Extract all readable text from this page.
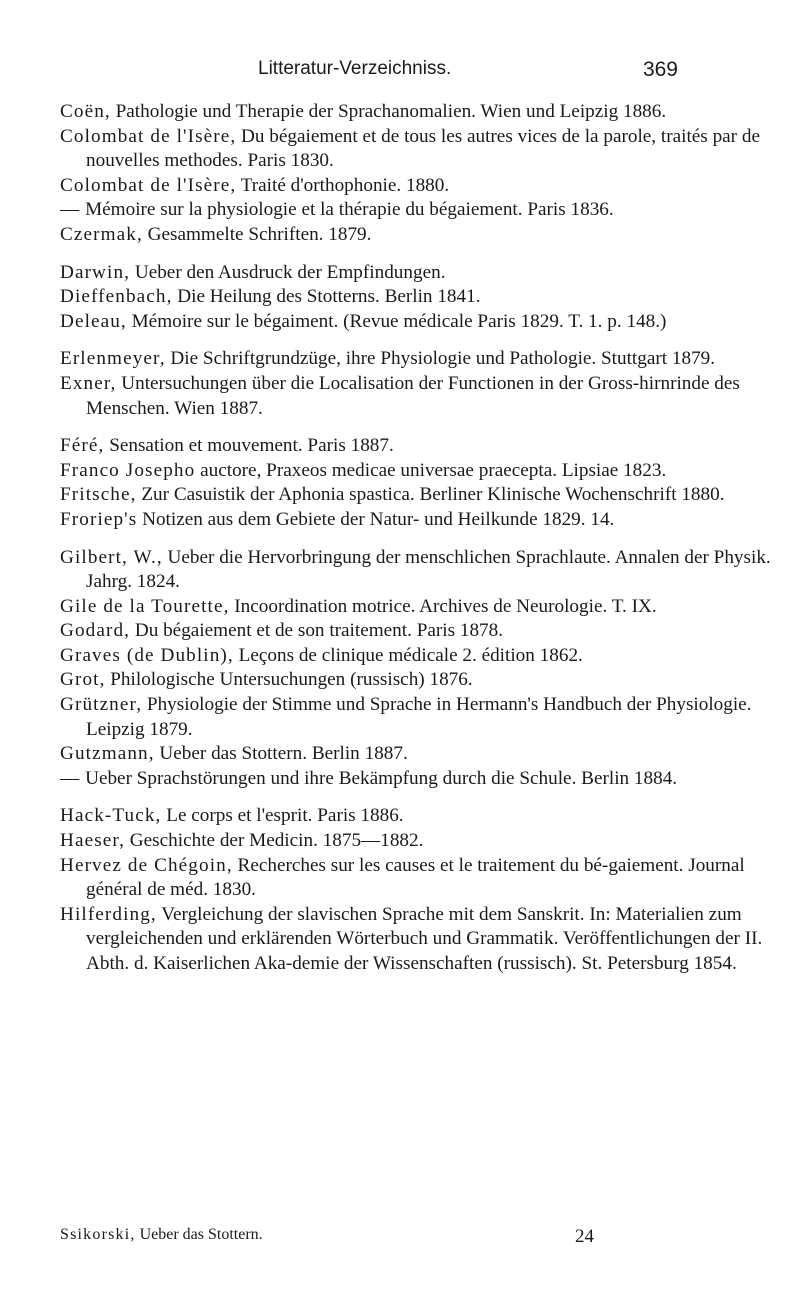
Litteratur-Verzeichniss.	369
Coën, Pathologie und Therapie der Sprachanomalien. Wien und Leipzig 1886.
Colombat de l'Isère, Du bégaiement et de tous les autres vices de la parole, traités par de nouvelles methodes. Paris 1830.
Colombat de l'Isère, Traité d'orthophonie. 1880.
— Mémoire sur la physiologie et la thérapie du bégaiement. Paris 1836.
Czermak, Gesammelte Schriften. 1879.
Darwin, Ueber den Ausdruck der Empfindungen.
Dieffenbach, Die Heilung des Stotterns. Berlin 1841.
Deleau, Mémoire sur le bégaiment. (Revue médicale Paris 1829. T. 1. p. 148.)
Erlenmeyer, Die Schriftgrundzüge, ihre Physiologie und Pathologie. Stuttgart 1879.
Exner, Untersuchungen über die Localisation der Functionen in der Gross-hirnrinde des Menschen. Wien 1887.
Féré, Sensation et mouvement. Paris 1887.
Franco Josepho auctore, Praxeos medicae universae praecepta. Lipsiae 1823.
Fritsche, Zur Casuistik der Aphonia spastica. Berliner Klinische Wochenschrift 1880.
Froriep's Notizen aus dem Gebiete der Natur- und Heilkunde 1829. 14.
Gilbert, W., Ueber die Hervorbringung der menschlichen Sprachlaute. Annalen der Physik. Jahrg. 1824.
Gile de la Tourette, Incoordination motrice. Archives de Neurologie. T. IX.
Godard, Du bégaiement et de son traitement. Paris 1878.
Graves (de Dublin), Leçons de clinique médicale 2. édition 1862.
Grot, Philologische Untersuchungen (russisch) 1876.
Grützner, Physiologie der Stimme und Sprache in Hermann's Handbuch der Physiologie. Leipzig 1879.
Gutzmann, Ueber das Stottern. Berlin 1887.
— Ueber Sprachstörungen und ihre Bekämpfung durch die Schule. Berlin 1884.
Hack-Tuck, Le corps et l'esprit. Paris 1886.
Haeser, Geschichte der Medicin. 1875—1882.
Hervez de Chégoin, Recherches sur les causes et le traitement du bé-gaiement. Journal général de méd. 1830.
Hilferding, Vergleichung der slavischen Sprache mit dem Sanskrit. In: Materialien zum vergleichenden und erklärenden Wörterbuch und Grammatik. Veröffentlichungen der II. Abth. d. Kaiserlichen Aka-demie der Wissenschaften (russisch). St. Petersburg 1854.
Ssikorski, Ueber das Stottern.	24
